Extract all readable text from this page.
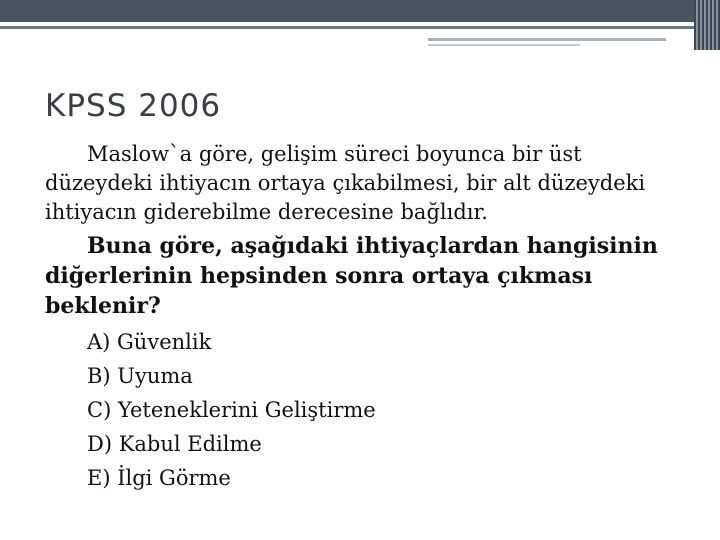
KPSS 2006

Maslow`a göre, gelişim süreci boyunca bir üst düzeydeki ihtiyacın ortaya çıkabilmesi, bir alt düzeydeki ihtiyacın giderebilme derecesine bağlıdır.

Buna göre, aşağıdaki ihtiyaçlardan hangisinin diğerlerinin hepsinden sonra ortaya çıkması beklenir?

A) Güvenlik
B) Uyuma
C) Yeteneklerini Geliştirme
D) Kabul Edilme
E) İlgi Görme
